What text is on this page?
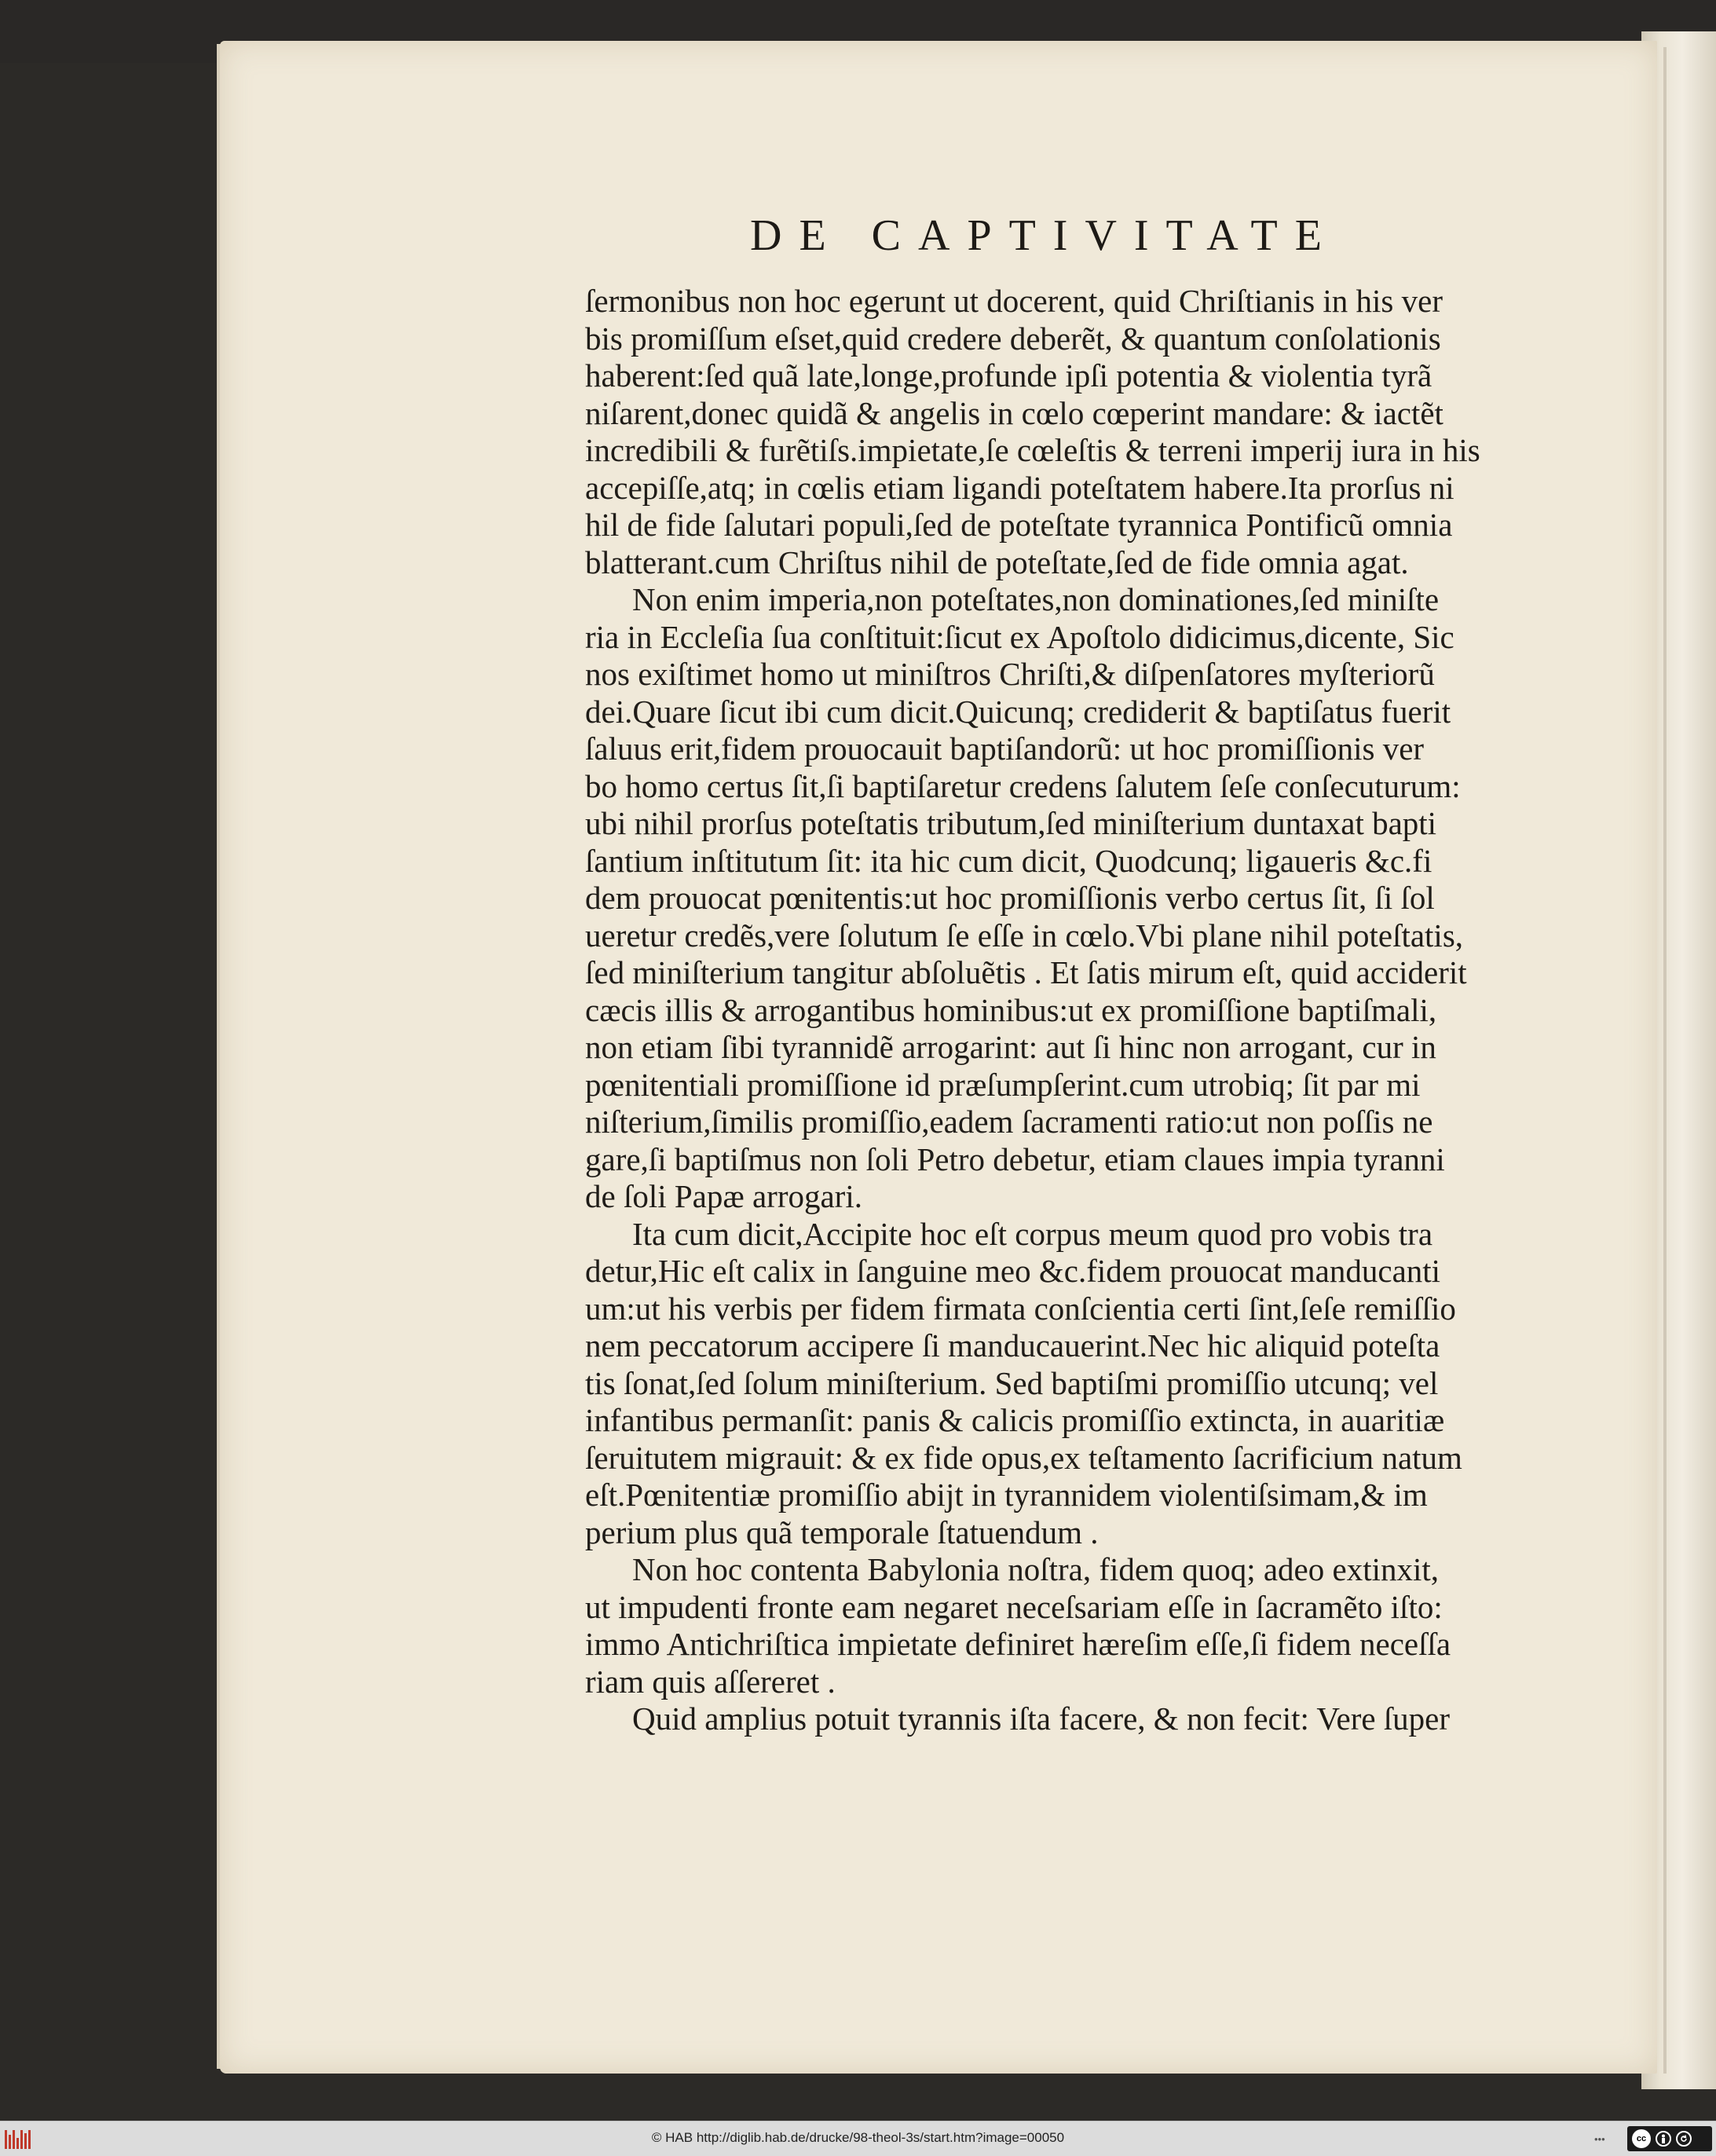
DE CAPTIVITATE
ſermonibus non hoc egerunt ut docerent, quid Chriſtianis in his ver
bis promiſſum eſset,quid credere deberẽt, & quantum conſolationis
haberent:ſed quã late,longe,profunde ipſi potentia & violentia tyrã
niſarent,donec quidã & angelis in cœlo cœperint mandare: & iactẽt
incredibili & furẽtiſs.impietate,ſe cœleſtis & terreni imperij iura in his
accepiſſe,atq; in cœlis etiam ligandi poteſtatem habere.Ita prorſus ni
hil de fide ſalutari populi,ſed de poteſtate tyrannica Pontificũ omnia
blatterant.cum Chriſtus nihil de poteſtate,ſed de fide omnia agat.
Non enim imperia,non poteſtates,non dominationes,ſed miniſte
ria in Eccleſia ſua conſtituit:ſicut ex Apoſtolo didicimus,dicente, Sic
nos exiſtimet homo ut miniſtros Chriſti,& diſpenſatores myſteriorũ
dei.Quare ſicut ibi cum dicit.Quicunq; crediderit & baptiſatus fuerit
ſaluus erit,fidem prouocauit baptiſandorũ: ut hoc promiſſionis ver
bo homo certus ſit,ſi baptiſaretur credens ſalutem ſeſe conſecuturum:
ubi nihil prorſus poteſtatis tributum,ſed miniſterium duntaxat bapti
ſantium inſtitutum ſit: ita hic cum dicit, Quodcunq; ligaueris &c.fi
dem prouocat pœnitentis:ut hoc promiſſionis verbo certus ſit, ſi ſol
ueretur credẽs,vere ſolutum ſe eſſe in cœlo.Vbi plane nihil poteſtatis,
ſed miniſterium tangitur abſoluẽtis . Et ſatis mirum eſt, quid acciderit
cæcis illis & arrogantibus hominibus:ut ex promiſſione baptiſmali,
non etiam ſibi tyrannidẽ arrogarint: aut ſi hinc non arrogant, cur in
pœnitentiali promiſſione id præſumpſerint.cum utrobiq; ſit par mi
niſterium,ſimilis promiſſio,eadem ſacramenti ratio:ut non poſſis ne
gare,ſi baptiſmus non ſoli Petro debetur, etiam claues impia tyranni
de ſoli Papæ arrogari.
Ita cum dicit,Accipite hoc eſt corpus meum quod pro vobis tra
detur,Hic eſt calix in ſanguine meo &c.fidem prouocat manducanti
um:ut his verbis per fidem firmata conſcientia certi ſint,ſeſe remiſſio
nem peccatorum accipere ſi manducauerint.Nec hic aliquid poteſta
tis ſonat,ſed ſolum miniſterium. Sed baptiſmi promiſſio utcunq; vel
infantibus permanſit: panis & calicis promiſſio extincta, in auaritiæ
ſeruitutem migrauit: & ex fide opus,ex teſtamento ſacrificium natum
eſt.Pœnitentiæ promiſſio abijt in tyrannidem violentiſsimam,& im
perium plus quã temporale ſtatuendum .
Non hoc contenta Babylonia noſtra, fidem quoq; adeo extinxit,
ut impudenti fronte eam negaret neceſsariam eſſe in ſacramẽto iſto:
immo Antichriſtica impietate definiret hæreſim eſſe,ſi fidem neceſſa
riam quis aſſereret .
Quid amplius potuit tyrannis iſta facere, & non fecit: Vere ſuper
© HAB http://diglib.hab.de/drucke/98-theol-3s/start.htm?image=00050	•••	cc
